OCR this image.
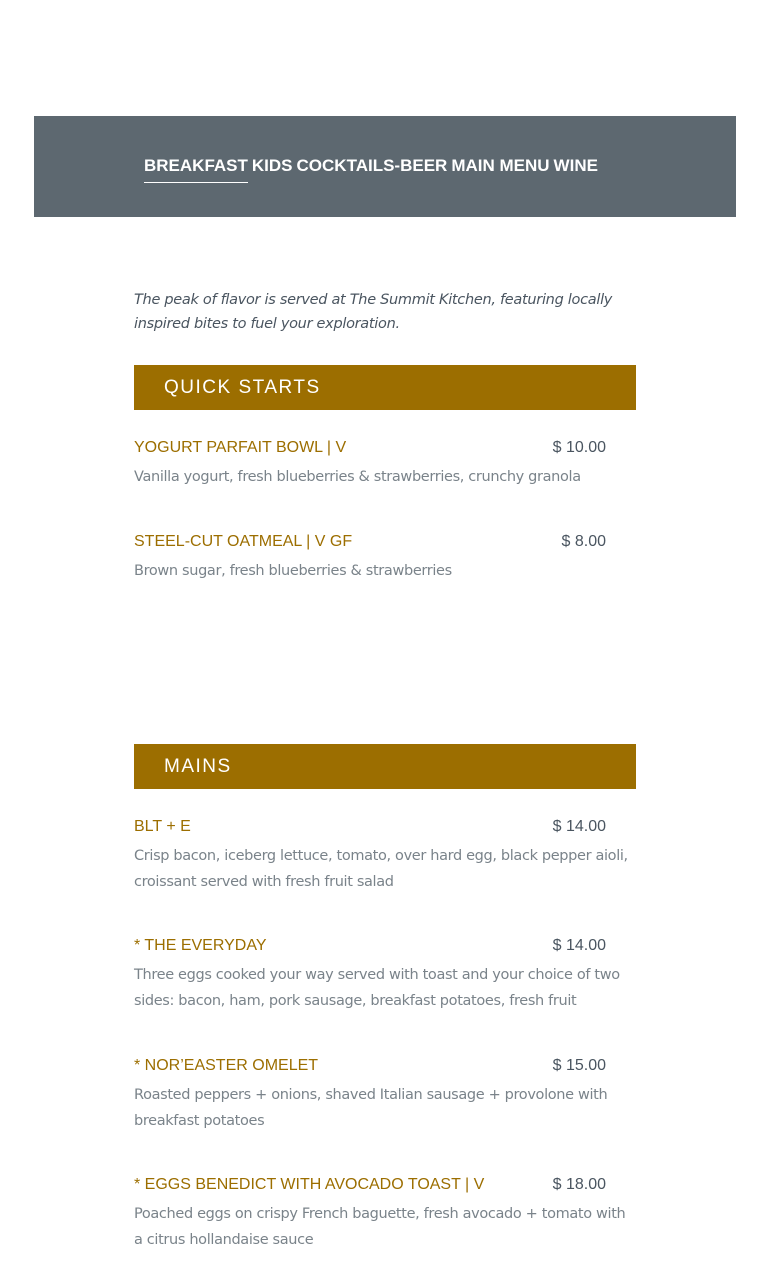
BREAKFAST KIDS COCKTAILS-BEER MAIN MENU WINE

The peak of flavor is served at The Summit Kitchen, featuring locally inspired bites to fuel your exploration.

QUICK STARTS
YOGURT PARFAIT BOWL | V	$ 10.00
Vanilla yogurt, fresh blueberries & strawberries, crunchy granola
STEEL-CUT OATMEAL | V GF	$ 8.00
Brown sugar, fresh blueberries & strawberries
MAINS
BLT + E	$ 14.00
Crisp bacon, iceberg lettuce, tomato, over hard egg, black pepper aioli, croissant served with fresh fruit salad
* THE EVERYDAY	$ 14.00
Three eggs cooked your way served with toast and your choice of two sides: bacon, ham, pork sausage, breakfast potatoes, fresh fruit
* NOR’EASTER OMELET	$ 15.00
Roasted peppers + onions, shaved Italian sausage + provolone with breakfast potatoes
* EGGS BENEDICT WITH AVOCADO TOAST | V	$ 18.00
Poached eggs on crispy French baguette, fresh avocado + tomato with a citrus hollandaise sauce
